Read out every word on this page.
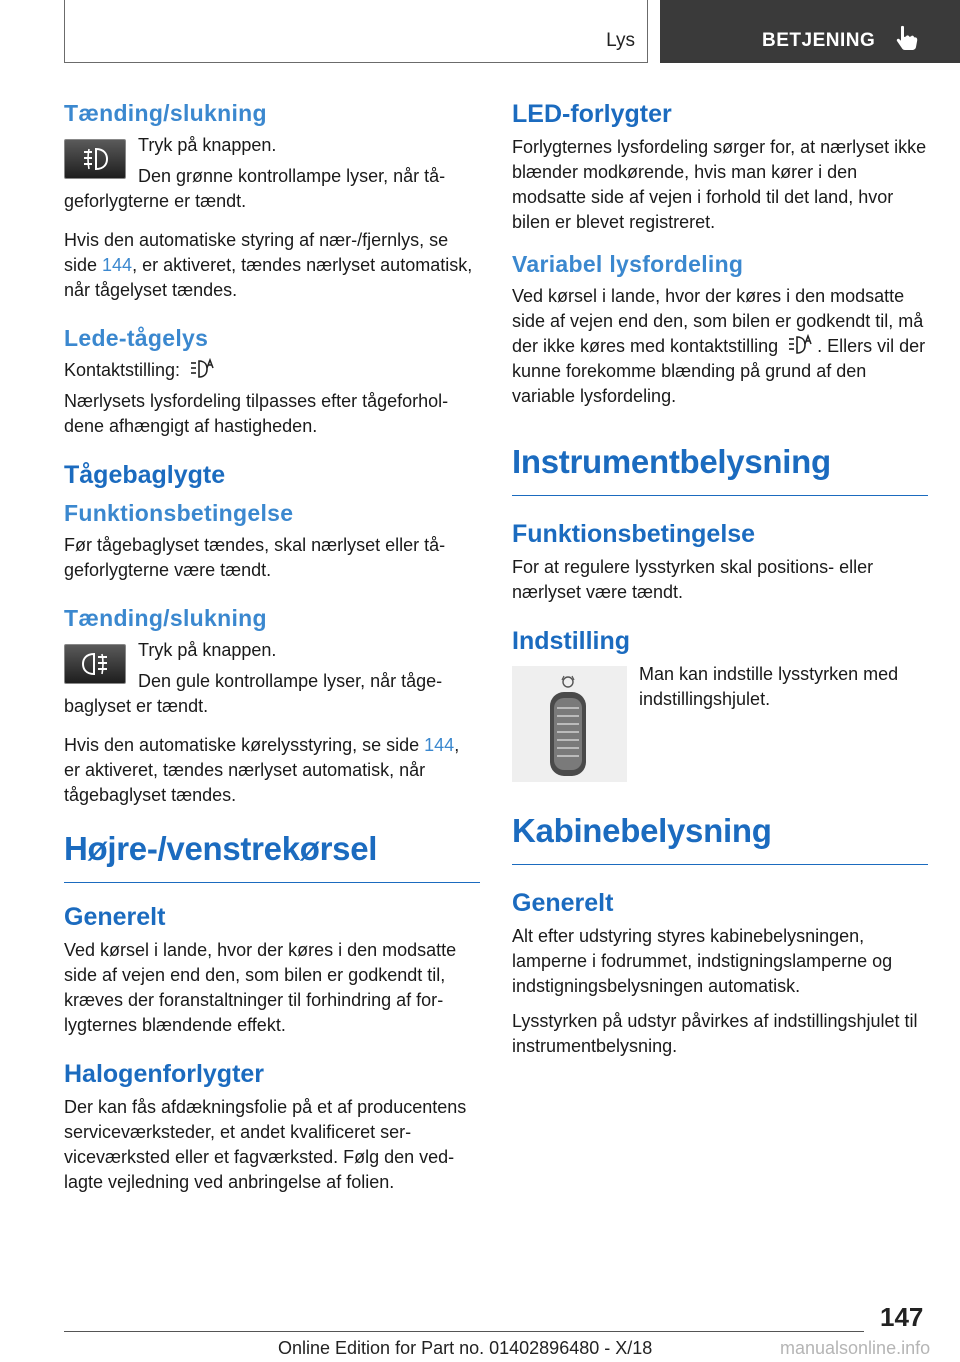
Lys	BETJENING
Tænding/slukning

Tryk på knappen.

Den grønne kontrollampe lyser, når tågeforlygterne er tændt.

Hvis den automatiske styring af nær-/fjernlys, se side 144, er aktiveret, tændes nærlyset automatisk, når tågelyset tændes.

Lede-tågelys

Kontaktstilling:

Nærlysets lysfordeling tilpasses efter tågeforholdene afhængigt af hastigheden.

Tågebaglygte
Funktionsbetingelse

Før tågebaglyset tændes, skal nærlyset eller tågeforlygterne være tændt.

Tænding/slukning

Tryk på knappen.

Den gule kontrollampe lyser, når tågebaglyset er tændt.

Hvis den automatiske kørelysstyring, se side 144, er aktiveret, tændes nærlyset automatisk, når tågebaglyset tændes.

Højre-/venstrekørsel
Generelt

Ved kørsel i lande, hvor der køres i den modsatte side af vejen end den, som bilen er godkendt til, kræves der foranstaltninger til forhindring af forlygternes blændende effekt.

Halogenforlygter

Der kan fås afdækningsfolie på et af producentens serviceværksteder, et andet kvalificeret serviceværksted eller et fagværksted. Følg den vedlagte vejledning ved anbringelse af folien.

LED-forlygter

Forlygternes lysfordeling sørger for, at nærlyset ikke blænder modkørende, hvis man kører i den modsatte side af vejen i forhold til det land, hvor bilen er blevet registreret.

Variabel lysfordeling

Ved kørsel i lande, hvor der køres i den modsatte side af vejen end den, som bilen er godkendt til, må der ikke køres med kontaktstilling . Ellers vil der kunne forekomme blænding på grund af den variable lysfordeling.

Instrumentbelysning
Funktionsbetingelse

For at regulere lysstyrken skal positions- eller nærlyset være tændt.

Indstilling

Man kan indstille lysstyrken med indstillingshjulet.

Kabinebelysning
Generelt

Alt efter udstyring styres kabinebelysningen, lamperne i fodrummet, indstigningslamperne og indstigningsbelysningen automatisk.

Lysstyrken på udstyr påvirkes af indstillingshjulet til instrumentbelysning.

147
Online Edition for Part no. 01402896480 - X/18	manualsonline.info
